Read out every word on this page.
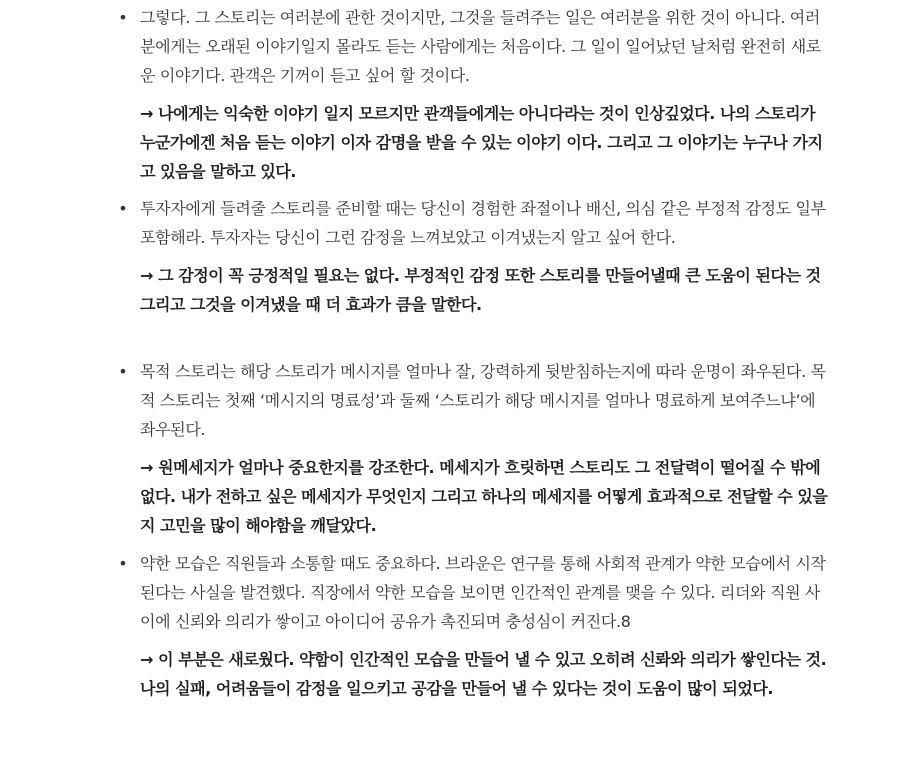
• 그렇다. 그 스토리는 여러분에 관한 것이지만, 그것을 들려주는 일은 여러분을 위한 것이 아니다. 여러분에게는 오래된 이야기일지 몰라도 듣는 사람에게는 처음이다. 그 일이 일어났던 날처럼 완전히 새로운 이야기다. 관객은 기꺼이 듣고 싶어 할 것이다.
→ 나에게는 익숙한 이야기 일지 모르지만 관객들에게는 아니다라는 것이 인상깊었다. 나의 스토리가 누군가에겐 처음 듣는 이야기 이자 감명을 받을 수 있는 이야기 이다. 그리고 그 이야기는 누구나 가지고 있음을 말하고 있다.
• 투자자에게 들려줄 스토리를 준비할 때는 당신이 경험한 좌절이나 배신, 의심 같은 부정적 감정도 일부 포함해라. 투자자는 당신이 그런 감정을 느껴보았고 이겨냈는지 알고 싶어 한다.
→ 그 감정이 꼭 긍정적일 필요는 없다. 부정적인 감정 또한 스토리를 만들어낼때 큰 도움이 된다는 것 그리고 그것을 이겨냈을 때 더 효과가 큼을 말한다.
• 목적 스토리는 해당 스토리가 메시지를 얼마나 잘, 강력하게 뒷받침하는지에 따라 운명이 좌우된다. 목적 스토리는 첫째 ‘메시지의 명료성’과 둘째 ‘스토리가 해당 메시지를 얼마나 명료하게 보여주느냐’에 좌우된다.
→ 원메세지가 얼마나 중요한지를 강조한다. 메세지가 흐릿하면 스토리도 그 전달력이 떨어질 수 밖에 없다. 내가 전하고 싶은 메세지가 무엇인지 그리고 하나의 메세지를 어떻게 효과적으로 전달할 수 있을지 고민을 많이 해야함을 깨달았다.
• 약한 모습은 직원들과 소통할 때도 중요하다. 브라운은 연구를 통해 사회적 관계가 약한 모습에서 시작된다는 사실을 발견했다. 직장에서 약한 모습을 보이면 인간적인 관계를 맺을 수 있다. 리더와 직원 사이에 신뢰와 의리가 쌓이고 아이디어 공유가 촉진되며 충성심이 커진다.8
→ 이 부분은 새로웠다. 약함이 인간적인 모습을 만들어 낼 수 있고 오히려 신롸와 의리가 쌓인다는 것. 나의 실패, 어려움들이 감정을 일으키고 공감을 만들어 낼 수 있다는 것이 도움이 많이 되었다.
